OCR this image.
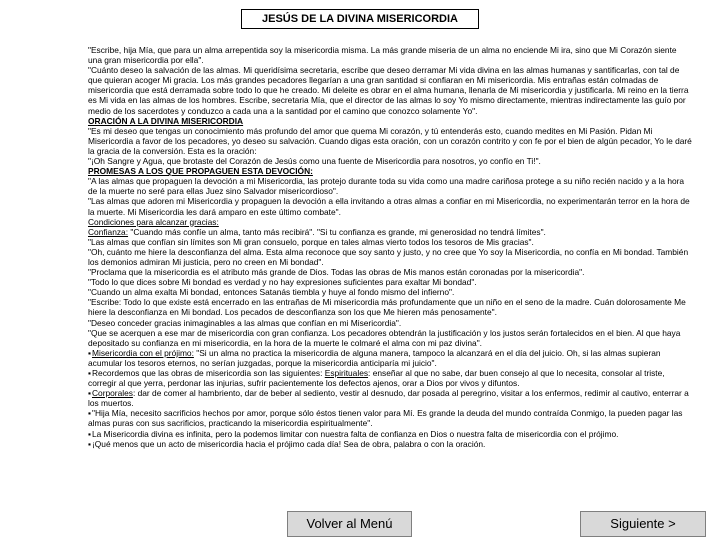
JESÚS DE LA DIVINA MISERICORDIA

"Escribe, hija Mía, que para un alma arrepentida soy la misericordia misma. La más grande miseria de un alma no enciende Mi ira, sino que Mi Corazón siente una gran misericordia por ella".

"Cuánto deseo la salvación de las almas. Mi queridísima secretaria, escribe que deseo derramar Mi vida divina en las almas humanas y santificarlas, con tal de que quieran acoger Mi gracia. Los más grandes pecadores llegarían a una gran santidad si confiaran en Mi misericordia. Mis entrañas están colmadas de misericordia que está derramada sobre todo lo que he creado. Mi deleite es obrar en el alma humana, llenarla de Mi misericordia y justificarla. Mi reino en la tierra es Mi vida en las almas de los hombres. Escribe, secretaria Mía, que el director de las almas lo soy Yo mismo directamente, mientras indirectamente las guío por medio de los sacerdotes y conduzco a cada una a la santidad por el camino que conozco solamente Yo".

ORACIÓN A LA DIVINA MISERICORDIA

"Es mi deseo que tengas un conocimiento más profundo del amor que quema Mi corazón, y tú entenderás esto, cuando medites en Mi Pasión. Pidan Mi Misericordia a favor de los pecadores, yo deseo su salvación. Cuando digas esta oración, con un corazón contrito y con fe por el bien de algún pecador, Yo le daré la gracia de la conversión. Esta es la oración:

"¡Oh Sangre y Agua, que brotaste del Corazón de Jesús como una fuente de Misericordia para nosotros, yo confío en Ti!".

PROMESAS A LOS QUE PROPAGUEN ESTA DEVOCIÓN:

"A las almas que propaguen la devoción a mi Misericordia, las protejo durante toda su vida como una madre cariñosa protege a su niño recién nacido y a la hora de la muerte no seré para ellas Juez sino Salvador misericordioso".

"Las almas que adoren mi Misericordia y propaguen la devoción a ella invitando a otras almas a confiar en mi Misericordia, no experimentarán terror en la hora de la muerte. Mi Misericordia les dará amparo en este último combate".

Condiciones para alcanzar gracias:

Confianza: "Cuando más confíe un alma, tanto más recibirá". "Si tu confianza es grande, mi generosidad no tendrá límites".

"Las almas que confían sin límites son Mi gran consuelo, porque en tales almas vierto todos los tesoros de Mis gracias".

"Oh, cuánto me hiere la desconfianza del alma. Esta alma reconoce que soy santo y justo, y no cree que Yo soy la Misericordia, no confía en Mi bondad. También los demonios admiran Mi justicia, pero no creen en Mi bondad".

"Proclama que la misericordia es el atributo más grande de Dios. Todas las obras de Mis manos están coronadas por la misericordia".

"Todo lo que dices sobre Mi bondad es verdad y no hay expresiones suficientes para exaltar Mi bondad".

"Cuando un alma exalta Mi bondad, entonces Satanás tiembla y huye al fondo mismo del infierno".

"Escribe: Todo lo que existe está encerrado en las entrañas de Mi misericordia más profundamente que un niño en el seno de la madre. Cuán dolorosamente Me hiere la desconfianza en Mi bondad. Los pecados de desconfianza son los que Me hieren más penosamente".

"Deseo conceder gracias inimaginables a las almas que confían en mi Misericordia".

"Que se acerquen a ese mar de misericordia con gran confianza. Los pecadores obtendrán la justificación y los justos serán fortalecidos en el bien. Al que haya depositado su confianza en mi misericordia, en la hora de la muerte le colmaré el alma con mi paz divina".

▪ Misericordia con el prójimo: "Si un alma no practica la misericordia de alguna manera, tampoco la alcanzará en el día del juicio. Oh, si las almas supieran acumular los tesoros eternos, no serían juzgadas, porque la misericordia anticiparía mi juicio".

▪ Recordemos que las obras de misericordia son las siguientes: Espirituales: enseñar al que no sabe, dar buen consejo al que lo necesita, consolar al triste, corregir al que yerra, perdonar las injurias, sufrir pacientemente los defectos ajenos, orar a Dios por vivos y difuntos.

▪ Corporales: dar de comer al hambriento, dar de beber al sediento, vestir al desnudo, dar posada al peregrino, visitar a los enfermos, redimir al cautivo, enterrar a los muertos.

▪ "Hija Mía, necesito sacrificios hechos por amor, porque sólo éstos tienen valor para Mí. Es grande la deuda del mundo contraída Conmigo, la pueden pagar las almas puras con sus sacrificios, practicando la misericordia espiritualmente".

▪ La Misericordia divina es infinita, pero la podemos limitar con nuestra falta de confianza en Dios o nuestra falta de misericordia con el prójimo.

▪ ¡Qué menos que un acto de misericordia hacia el prójimo cada día! Sea de obra, palabra o con la oración.

Volver al Menú	Siguiente >
